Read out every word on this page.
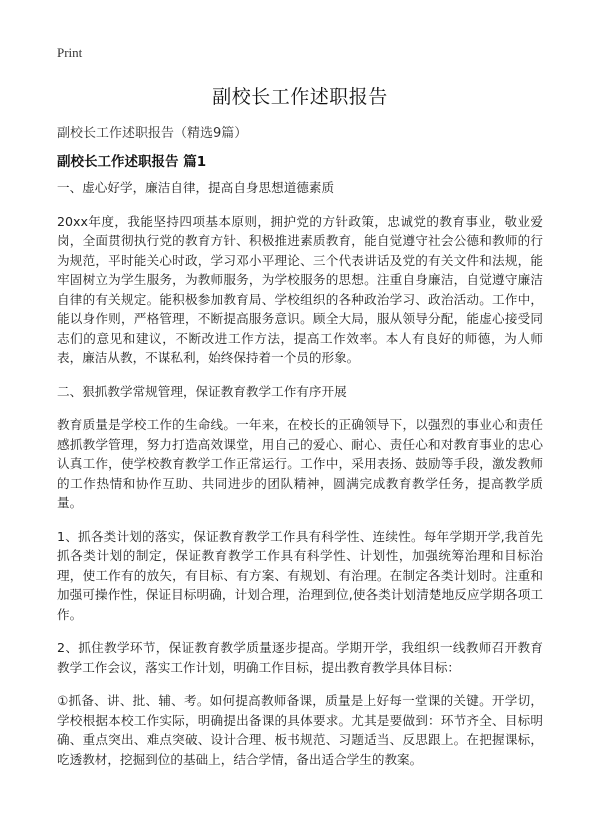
Print
副校长工作述职报告

副校长工作述职报告（精选9篇）

副校长工作述职报告 篇1

一、虚心好学，廉洁自律，提高自身思想道德素质

20xx年度，我能坚持四项基本原则，拥护党的方针政策，忠诚党的教育事业，敬业爱岗，全面贯彻执行党的教育方针、积极推进素质教育，能自觉遵守社会公德和教师的行为规范，平时能关心时政，学习邓小平理论、三个代表讲话及党的有关文件和法规，能牢固树立为学生服务，为教师服务，为学校服务的思想。注重自身廉洁，自觉遵守廉洁自律的有关规定。能积极参加教育局、学校组织的各种政治学习、政治活动。工作中，能以身作则，严格管理，不断提高服务意识。顾全大局，服从领导分配，能虚心接受同志们的意见和建议，不断改进工作方法，提高工作效率。本人有良好的师德，为人师表，廉洁从教，不谋私利，始终保持着一个员的形象。

二、狠抓教学常规管理，保证教育教学工作有序开展

教育质量是学校工作的生命线。一年来，在校长的正确领导下，以强烈的事业心和责任感抓教学管理，努力打造高效课堂，用自己的爱心、耐心、责任心和对教育事业的忠心认真工作，使学校教育教学工作正常运行。工作中，采用表扬、鼓励等手段，激发教师的工作热情和协作互助、共同进步的团队精神，圆满完成教育教学任务，提高教学质量。

1、抓各类计划的落实，保证教育教学工作具有科学性、连续性。每年学期开学,我首先抓各类计划的制定，保证教育教学工作具有科学性、计划性，加强统筹治理和目标治理，使工作有的放矢，有目标、有方案、有规划、有治理。在制定各类计划时。注重和加强可操作性，保证目标明确，计划合理，治理到位,使各类计划清楚地反应学期各项工作。

2、抓住教学环节，保证教育教学质量逐步提高。学期开学，我组织一线教师召开教育教学工作会议，落实工作计划，明确工作目标，提出教育教学具体目标：

①抓备、讲、批、辅、考。如何提高教师备课，质量是上好每一堂课的关键。开学切，学校根据本校工作实际，明确提出备课的具体要求。尤其是要做到：环节齐全、目标明确、重点突出、难点突破、设计合理、板书规范、习题适当、反思跟上。在把握课标，吃透教材，挖掘到位的基础上，结合学情，备出适合学生的教案。
